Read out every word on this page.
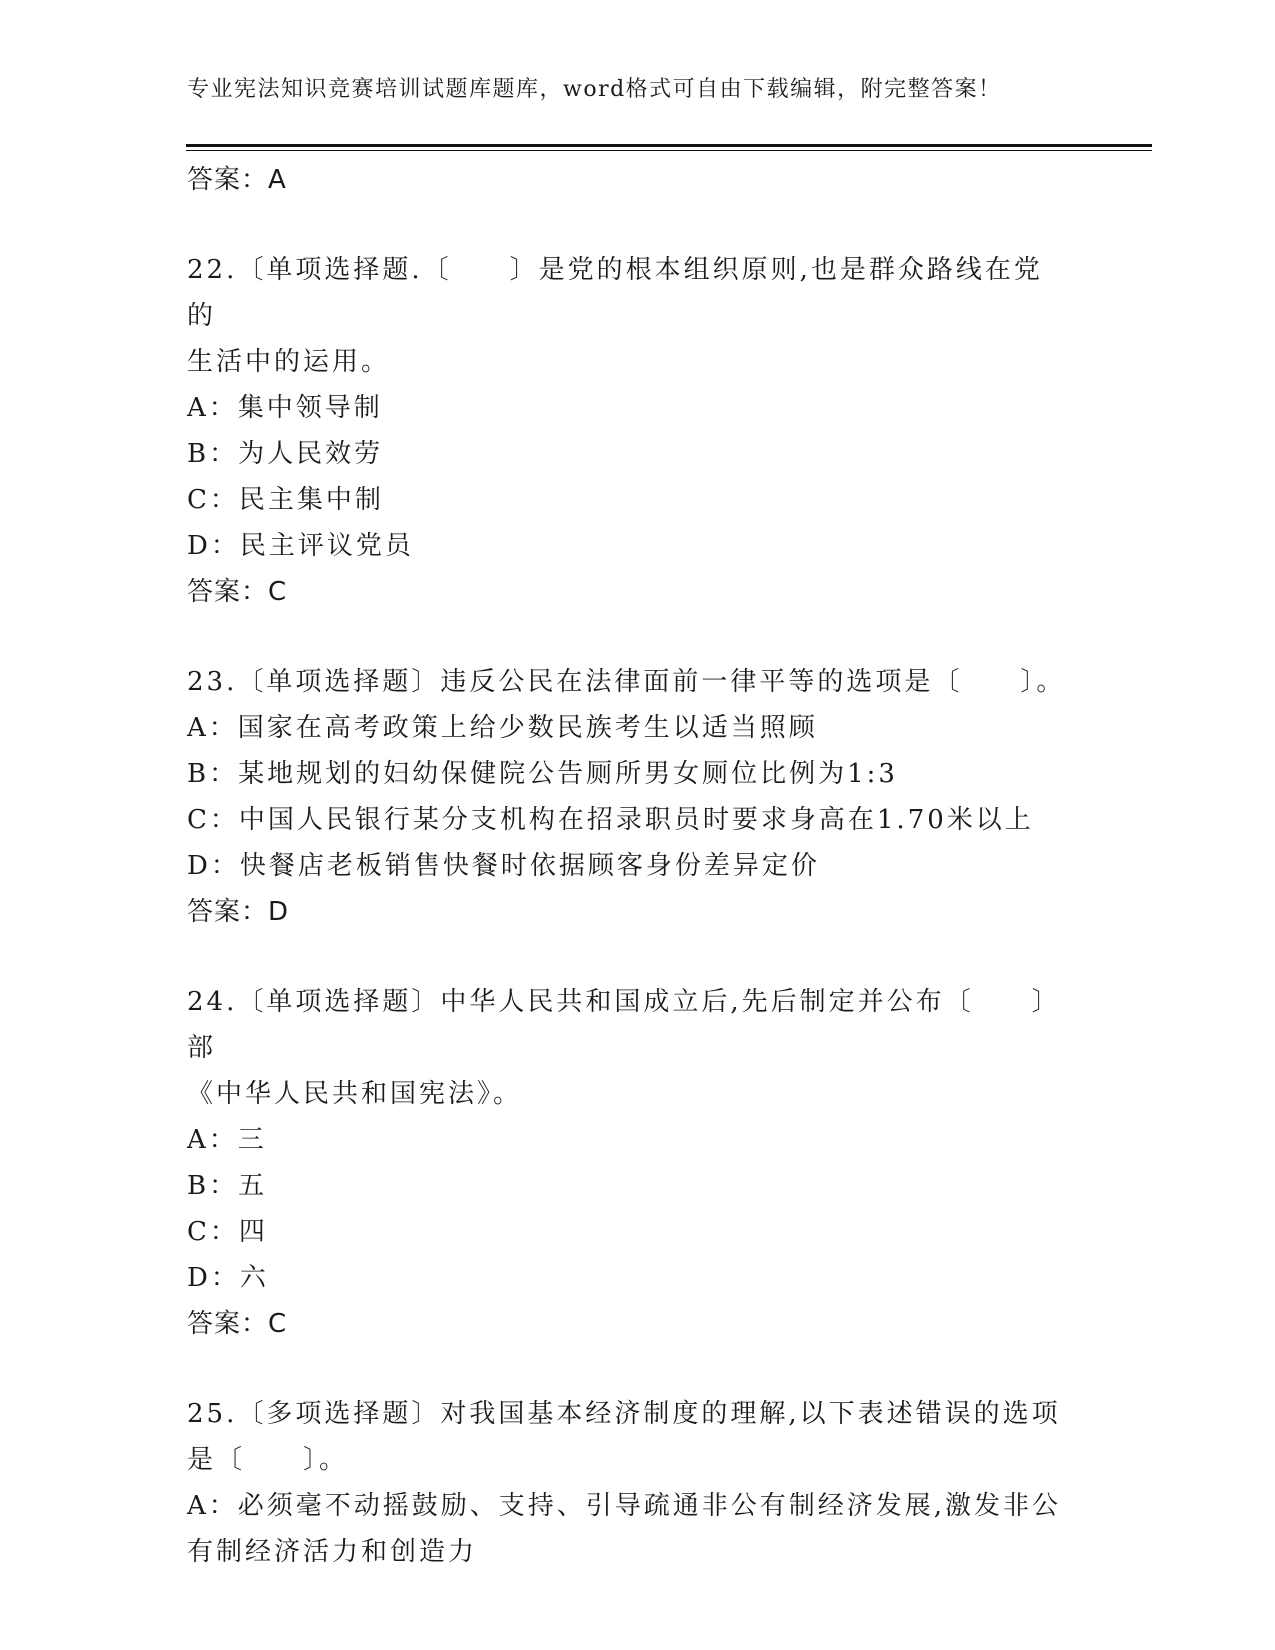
专业宪法知识竞赛培训试题库题库，word格式可自由下载编辑，附完整答案！
答案：A
22.〔单项选择题.〔　　〕是党的根本组织原则,也是群众路线在党的
生活中的运用。
A：集中领导制
B：为人民效劳
C：民主集中制
D：民主评议党员
答案：C
23.〔单项选择题〕违反公民在法律面前一律平等的选项是〔　　〕。
A：国家在高考政策上给少数民族考生以适当照顾
B：某地规划的妇幼保健院公告厕所男女厕位比例为1:3
C：中国人民银行某分支机构在招录职员时要求身高在1.70米以上
D：快餐店老板销售快餐时依据顾客身份差异定价
答案：D
24.〔单项选择题〕中华人民共和国成立后,先后制定并公布〔　　〕部
《中华人民共和国宪法》。
A：三
B：五
C：四
D：六
答案：C
25.〔多项选择题〕对我国基本经济制度的理解,以下表述错误的选项
是〔　　〕。
A：必须毫不动摇鼓励、支持、引导疏通非公有制经济发展,激发非公
有制经济活力和创造力
